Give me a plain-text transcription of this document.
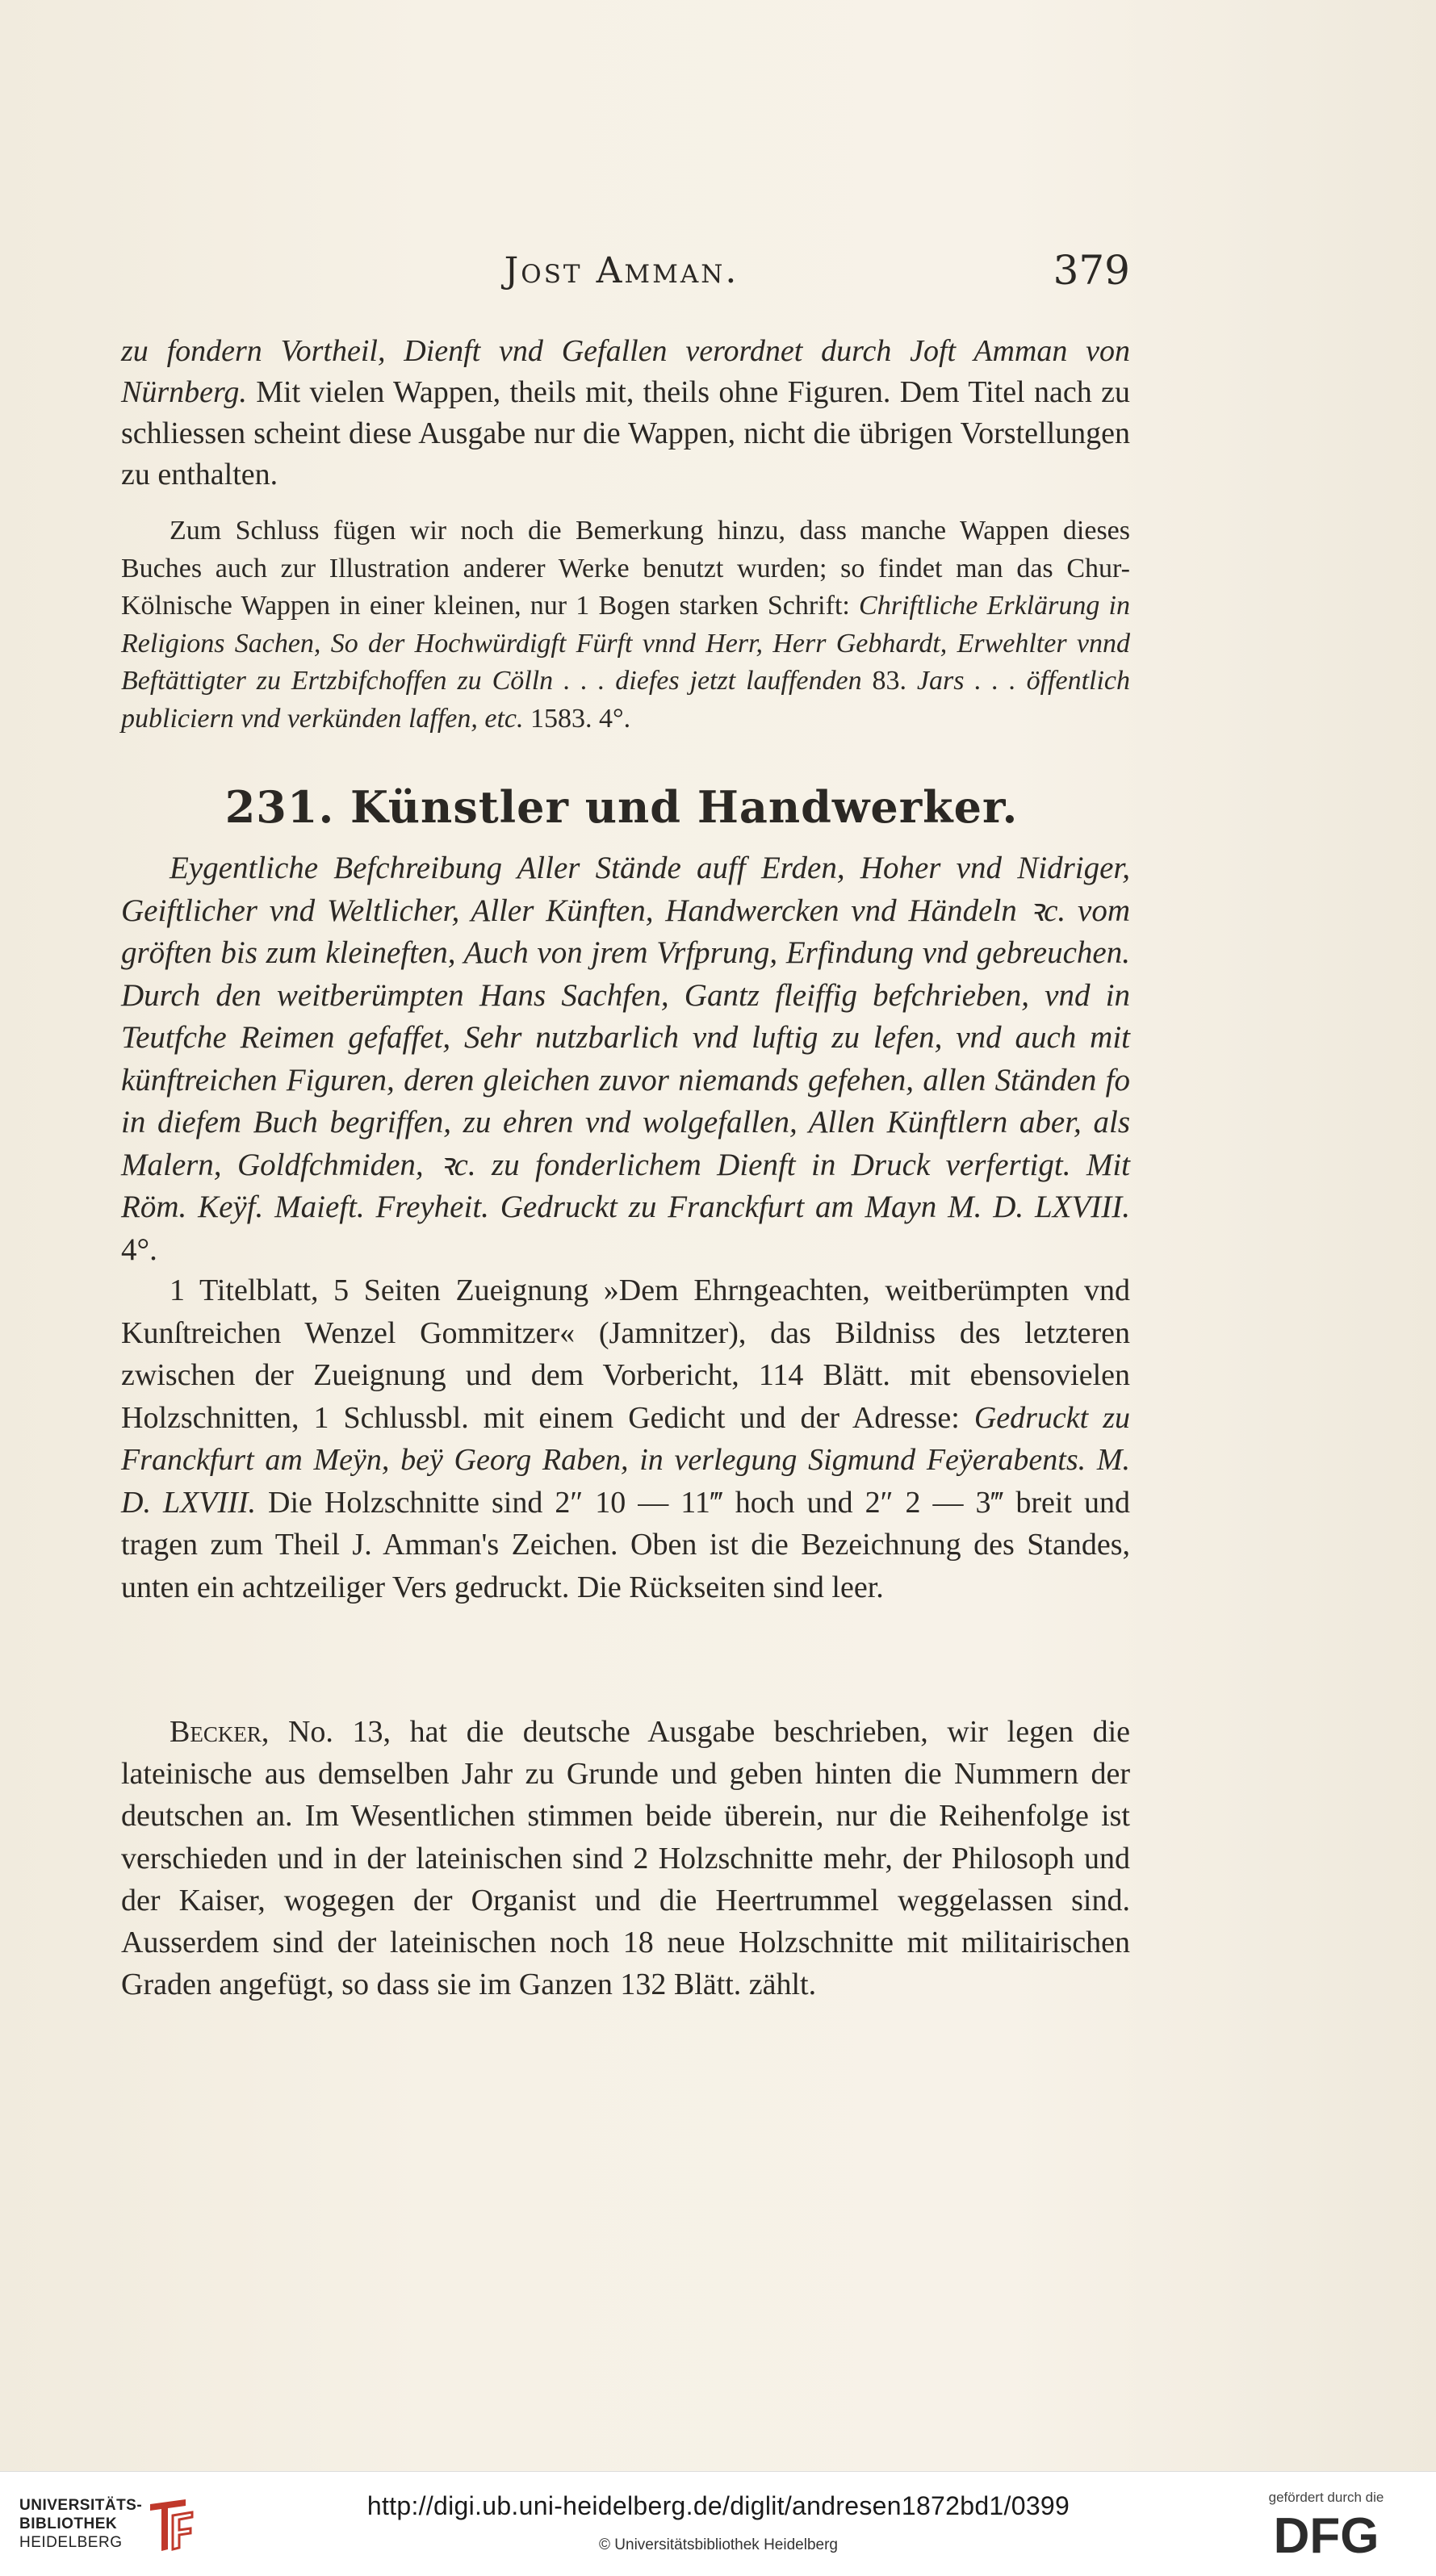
Jost Amman.	379

zu fondern Vortheil, Dienft vnd Gefallen verordnet durch Joft Amman von Nürnberg. Mit vielen Wappen, theils mit, theils ohne Figuren. Dem Titel nach zu schliessen scheint diese Ausgabe nur die Wappen, nicht die übrigen Vorstellungen zu enthalten.

Zum Schluss fügen wir noch die Bemerkung hinzu, dass manche Wappen dieses Buches auch zur Illustration anderer Werke benutzt wurden; so findet man das Chur-Kölnische Wappen in einer kleinen, nur 1 Bogen starken Schrift: Chriftliche Erklärung in Religions Sachen, So der Hochwürdigft Fürft vnnd Herr, Herr Gebhardt, Erwehlter vnnd Beftättigter zu Ertzbifchoffen zu Cölln . . . diefes jetzt lauffenden 83. Jars . . . öffentlich publiciern vnd verkünden laffen, etc. 1583. 4°.

231. Künstler und Handwerker.

Eygentliche Befchreibung Aller Stände auff Erden, Hoher vnd Nidriger, Geiftlicher vnd Weltlicher, Aller Künften, Handwercken vnd Händeln ꝛc. vom gröften bis zum kleineften, Auch von jrem Vrfprung, Erfindung vnd gebreuchen. Durch den weitberümpten Hans Sachfen, Gantz fleiffig befchrieben, vnd in Teutfche Reimen gefaffet, Sehr nutzbarlich vnd luftig zu lefen, vnd auch mit künftreichen Figuren, deren gleichen zuvor niemands gefehen, allen Ständen fo in diefem Buch begriffen, zu ehren vnd wolgefallen, Allen Künftlern aber, als Malern, Goldfchmiden, ꝛc. zu fonderlichem Dienft in Druck verfertigt. Mit Röm. Keÿf. Maieft. Freyheit. Gedruckt zu Franckfurt am Mayn M. D. LXVIII. 4°.

1 Titelblatt, 5 Seiten Zueignung »Dem Ehrngeachten, weitberümpten vnd Kunſtreichen Wenzel Gommitzer« (Jamnitzer), das Bildniss des letzteren zwischen der Zueignung und dem Vorbericht, 114 Blätt. mit ebensovielen Holzschnitten, 1 Schlussbl. mit einem Gedicht und der Adresse: Gedruckt zu Franckfurt am Meÿn, beÿ Georg Raben, in verlegung Sigmund Feÿerabents. M. D. LXVIII. Die Holzschnitte sind 2″ 10 — 11‴ hoch und 2″ 2 — 3‴ breit und tragen zum Theil J. Amman's Zeichen. Oben ist die Bezeichnung des Standes, unten ein achtzeiliger Vers gedruckt. Die Rückseiten sind leer.

Becker, No. 13, hat die deutsche Ausgabe beschrieben, wir legen die lateinische aus demselben Jahr zu Grunde und geben hinten die Nummern der deutschen an. Im Wesentlichen stimmen beide überein, nur die Reihenfolge ist verschieden und in der lateinischen sind 2 Holzschnitte mehr, der Philosoph und der Kaiser, wogegen der Organist und die Heertrummel weggelassen sind. Ausserdem sind der lateinischen noch 18 neue Holzschnitte mit militairischen Graden angefügt, so dass sie im Ganzen 132 Blätt. zählt.

UNIVERSITÄTS-
BIBLIOTHEK
HEIDELBERG
http://digi.ub.uni-heidelberg.de/diglit/andresen1872bd1/0399
© Universitätsbibliothek Heidelberg
gefördert durch die
DFG
